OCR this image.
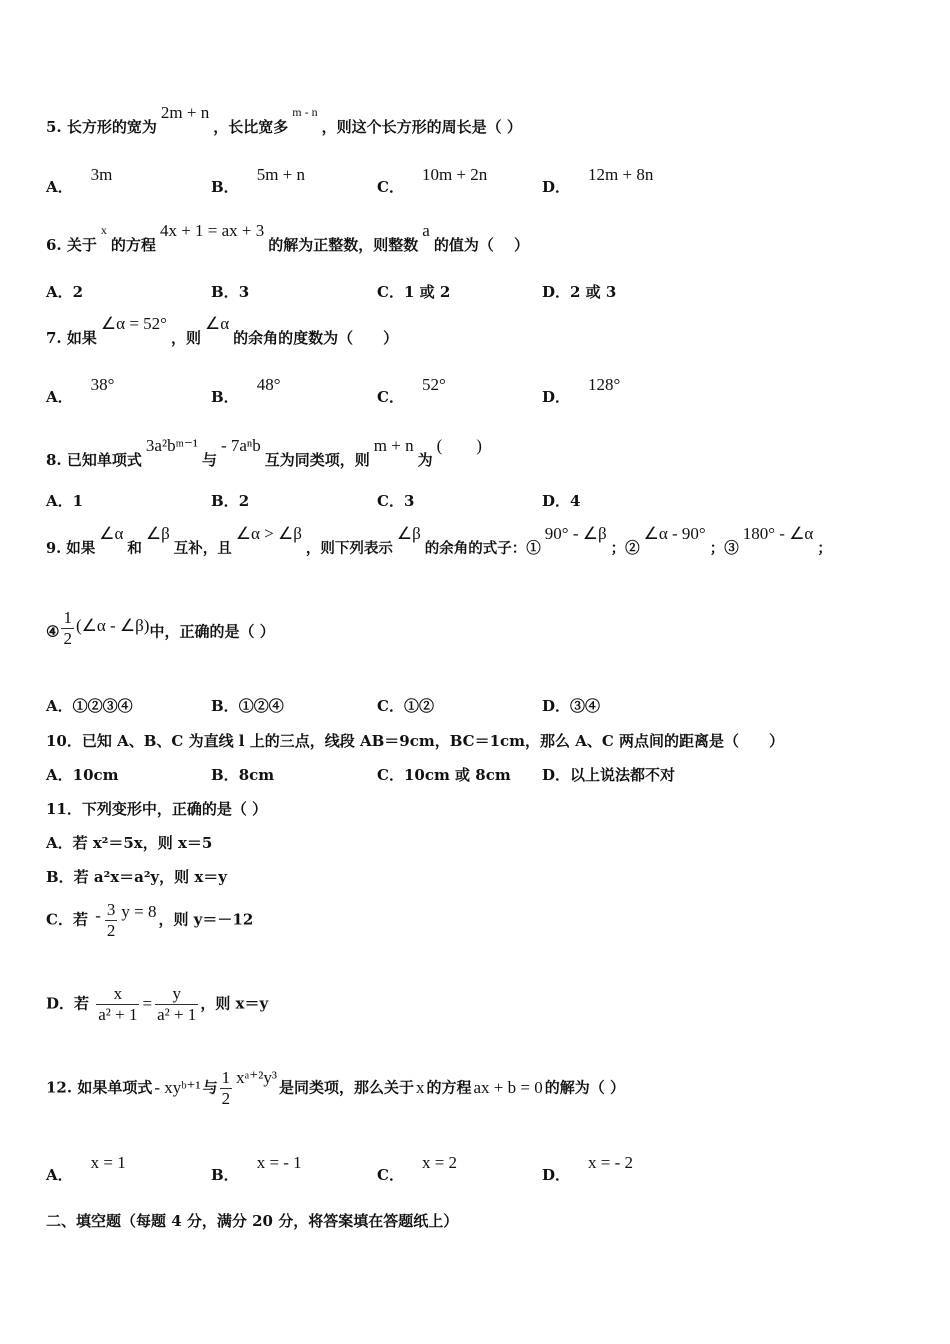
5. 长方形的宽为2m + n，长比宽多$^{m - n}$，则这个长方形的周长是（ ）
A．3m
B．5m + n
C．10m + 2n
D．12m + 8n
6. 关于$^x$的方程4x + 1 = ax + 3的解为正整数，则整数a的值为（　 ）
A．2	B．3	C．1 或 2	D．2 或 3
7. 如果∠α = 52°，则∠α的余角的度数为（　　）
A．38°
B．48°
C．52°
D．128°
8. 已知单项式3a²bᵐ⁻¹与- 7aⁿb互为同类项，则m + n为(　　)
A．1	B．2	C．3	D．4
9. 如果∠α和∠β互补，且∠α > ∠β，则下列表示∠β的余角的式子：①90° - ∠β；②∠α - 90°；③180° - ∠α；
④ $\frac{1}{2}$ (∠α - ∠β)中，正确的是（ ）
A．①②③④	B．①②④	C．①②	D．③④
10．已知 A、B、C 为直线 l 上的三点，线段 AB＝9cm，BC＝1cm，那么 A、C 两点间的距离是（　　）
A．10cm	B．8cm	C．10cm 或 8cm D．以上说法都不对
11．下列变形中，正确的是（ ）
A．若 x²＝5x，则 x＝5
B．若 a²x＝a²y，则 x＝y
C．若 - $\frac{3}{2}$ y = 8 ，则 y＝－12
D．若 $\frac{x}{\text{a² + 1}} = \frac{y}{\text{a² + 1}}$ ，则 x＝y
12. 如果单项式 - xyᵇ⁺¹ 与 $\frac{1}{2}$ xᵃ⁺²y³是同类项，那么关于 x 的方程 ax + b = 0 的解为（ ）
A．x = 1
B．x = - 1
C．x = 2
D．x = - 2
二、填空题（每题 4 分，满分 20 分，将答案填在答题纸上）
